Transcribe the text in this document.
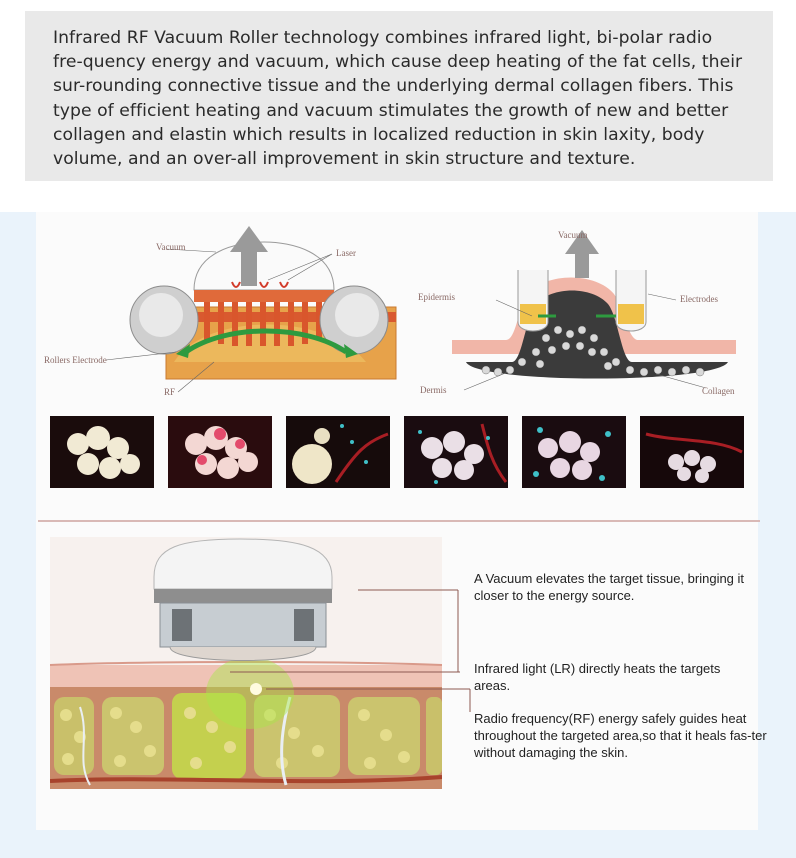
Infrared RF Vacuum Roller technology combines infrared light, bi-polar radio fre-quency energy and vacuum, which cause deep heating of the fat cells, their sur-rounding connective tissue and the underlying dermal collagen fibers. This type of efficient heating and vacuum stimulates the growth of new and better collagen and elastin which results in localized reduction in skin laxity, body volume, and an over-all improvement in skin structure and texture.

Vacuum
Laser
Rollers Electrode
RF
Vacuum
Epidermis	Electrodes
Dermis	Collagen
A Vacuum elevates the target tissue, bringing it closer to the energy source.
Infrared light (LR) directly heats the targets areas.
Radio frequency(RF) energy safely guides heat throughout the targeted area,so that it heals fas-ter without damaging the skin.
